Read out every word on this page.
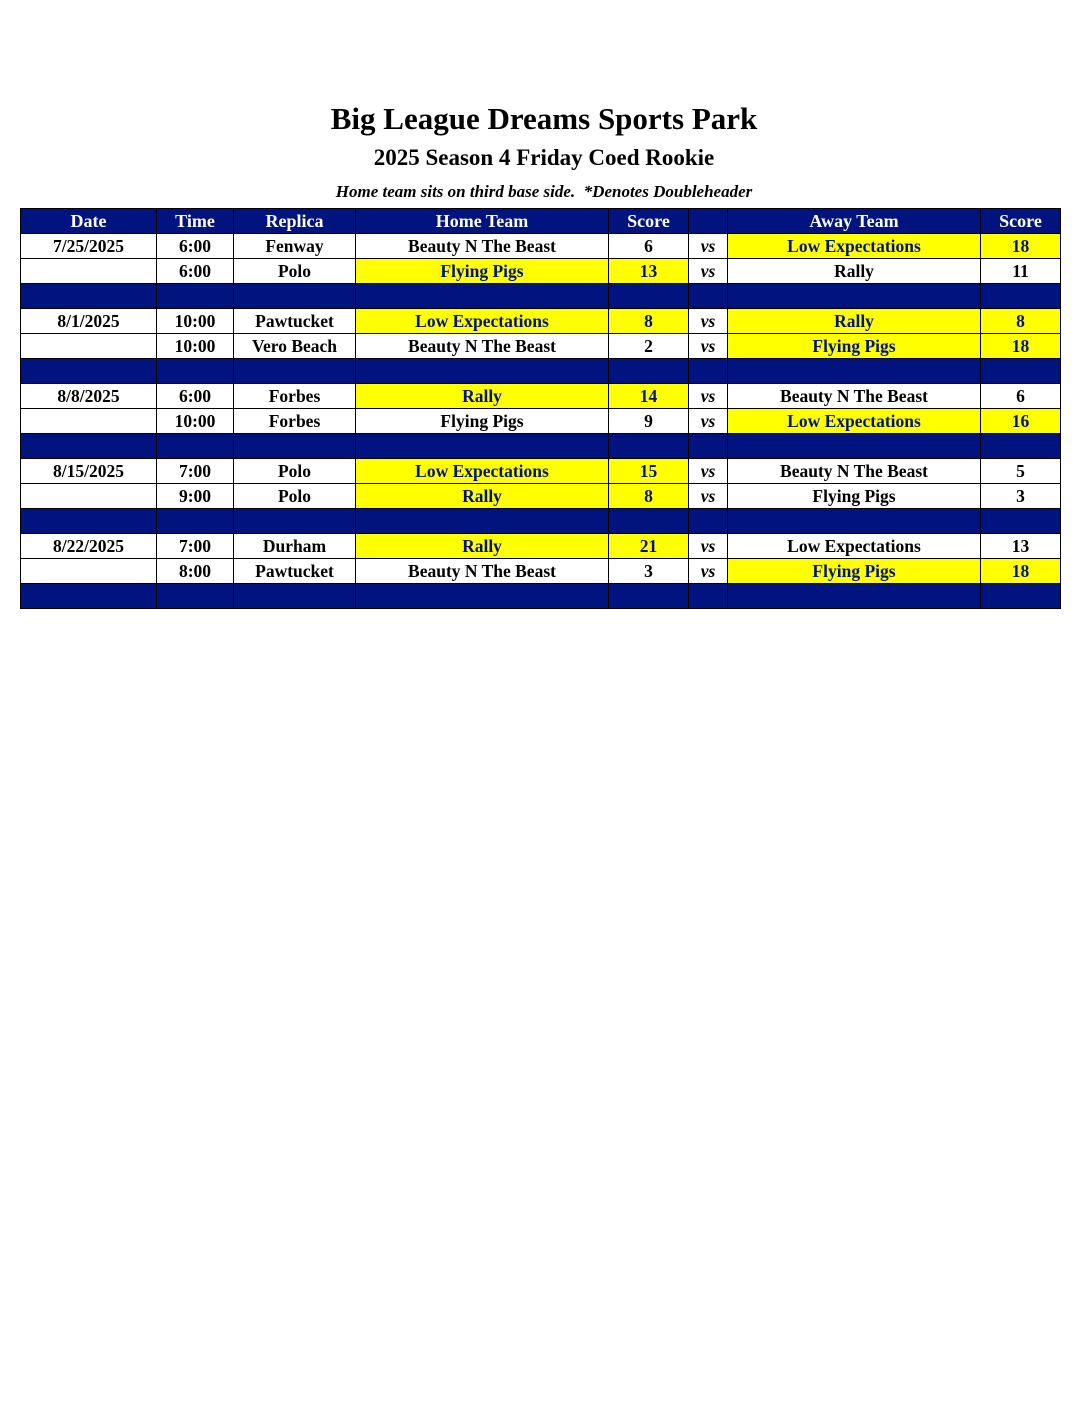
Big League Dreams Sports Park
2025 Season 4 Friday Coed Rookie
Home team sits on third base side.  *Denotes Doubleheader
Date	Time	Replica	Home Team	Score		Away Team	Score
7/25/2025	6:00	Fenway	Beauty N The Beast	6	vs	Low Expectations	18
	6:00	Polo	Flying Pigs	13	vs	Rally	11

8/1/2025	10:00	Pawtucket	Low Expectations	8	vs	Rally	8
	10:00	Vero Beach	Beauty N The Beast	2	vs	Flying Pigs	18

8/8/2025	6:00	Forbes	Rally	14	vs	Beauty N The Beast	6
	10:00	Forbes	Flying Pigs	9	vs	Low Expectations	16

8/15/2025	7:00	Polo	Low Expectations	15	vs	Beauty N The Beast	5
	9:00	Polo	Rally	8	vs	Flying Pigs	3

8/22/2025	7:00	Durham	Rally	21	vs	Low Expectations	13
	8:00	Pawtucket	Beauty N The Beast	3	vs	Flying Pigs	18
